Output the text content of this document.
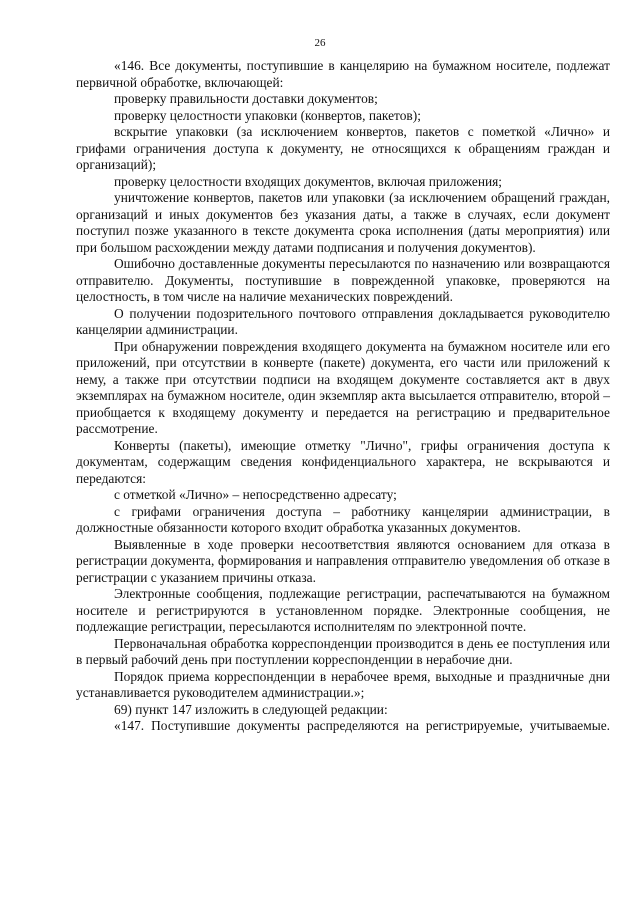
26

«146. Все документы, поступившие в канцелярию на бумажном носителе, подлежат первичной обработке, включающей:

проверку правильности доставки документов;

проверку целостности упаковки (конвертов, пакетов);

вскрытие упаковки (за исключением конвертов, пакетов с пометкой «Лично» и грифами ограничения доступа к документу, не относящихся к обращениям граждан и организаций);

проверку целостности входящих документов, включая приложения;

уничтожение конвертов, пакетов или упаковки (за исключением обращений граждан, организаций и иных документов без указания даты, а также в случаях, если документ поступил позже указанного в тексте документа срока исполнения (даты мероприятия) или при большом расхождении между датами подписания и получения документов).

Ошибочно доставленные документы пересылаются по назначению или возвращаются отправителю. Документы, поступившие в поврежденной упаковке, проверяются на целостность, в том числе на наличие механических повреждений.

О получении подозрительного почтового отправления докладывается руководителю канцелярии администрации.

При обнаружении повреждения входящего документа на бумажном носителе или его приложений, при отсутствии в конверте (пакете) документа, его части или приложений к нему, а также при отсутствии подписи на входящем документе составляется акт в двух экземплярах на бумажном носителе, один экземпляр акта высылается отправителю, второй – приобщается к входящему документу и передается на регистрацию и предварительное рассмотрение.

Конверты (пакеты), имеющие отметку "Лично", грифы ограничения доступа к документам, содержащим сведения конфиденциального характера, не вскрываются и передаются:

с отметкой «Лично» – непосредственно адресату;

с грифами ограничения доступа – работнику канцелярии администрации, в должностные обязанности которого входит обработка указанных документов.

Выявленные в ходе проверки несоответствия являются основанием для отказа в регистрации документа, формирования и направления отправителю уведомления об отказе в регистрации с указанием причины отказа.

Электронные сообщения, подлежащие регистрации, распечатываются на бумажном носителе и регистрируются в установленном порядке. Электронные сообщения, не подлежащие регистрации, пересылаются исполнителям по электронной почте.

Первоначальная обработка корреспонденции производится в день ее поступления или в первый рабочий день при поступлении корреспонденции в нерабочие дни.

Порядок приема корреспонденции в нерабочее время, выходные и праздничные дни устанавливается руководителем администрации.»;

69) пункт 147 изложить в следующей редакции:

«147. Поступившие документы распределяются на регистрируемые, учитываемые.
